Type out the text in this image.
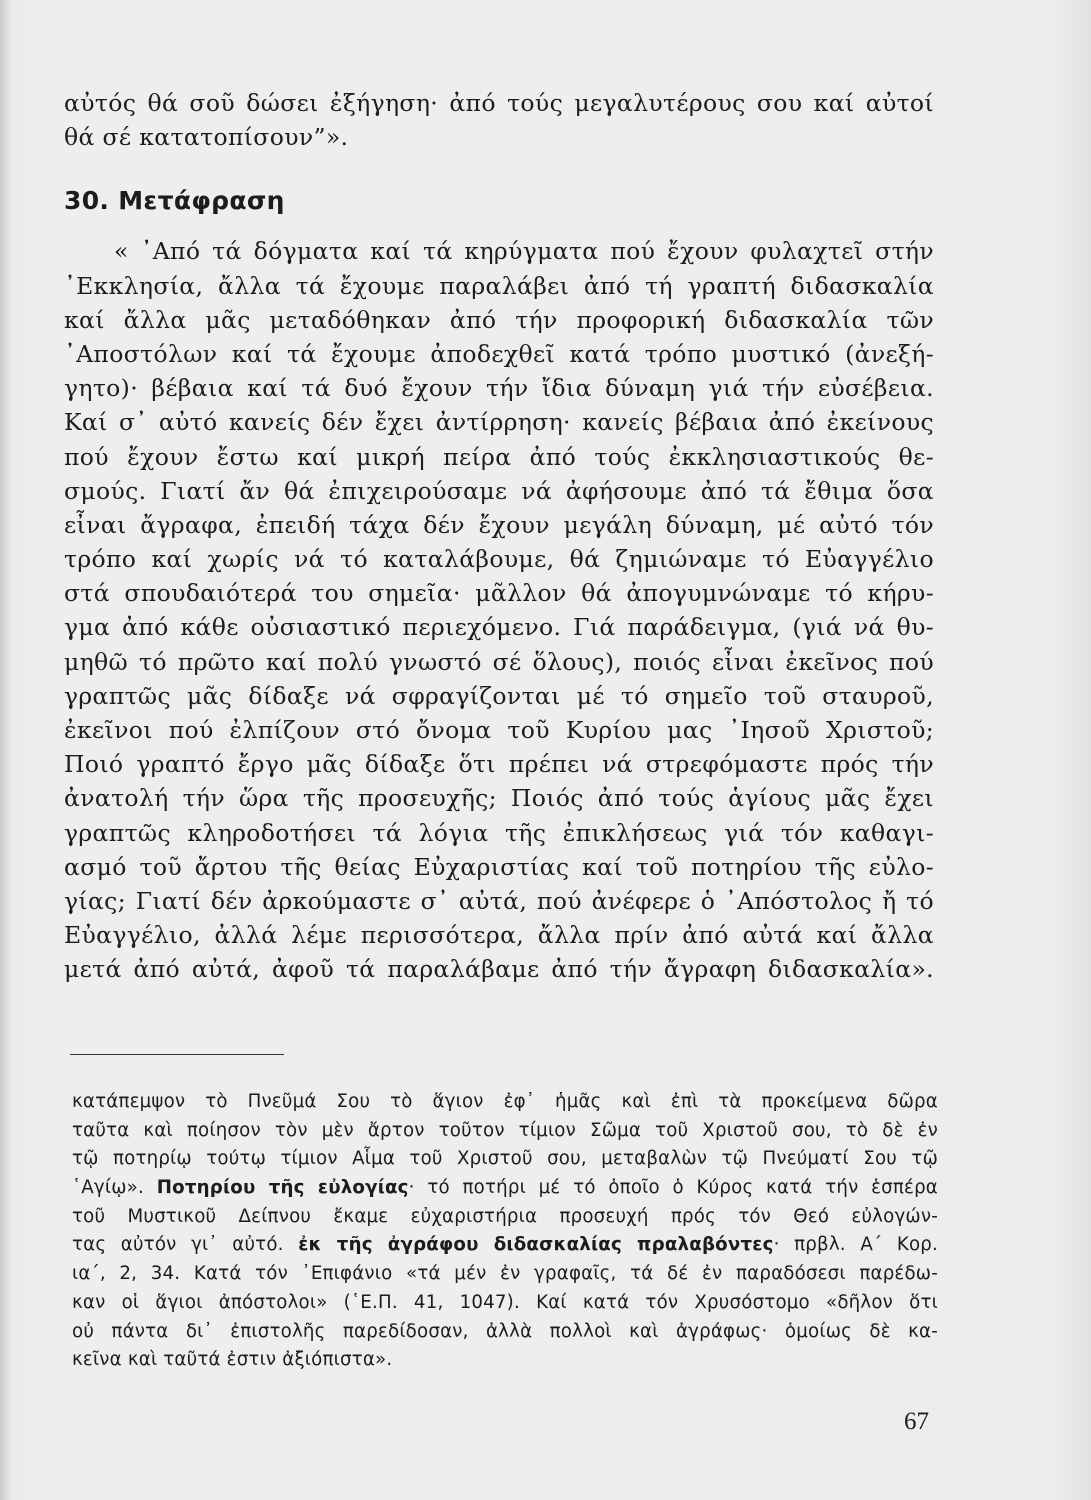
αὐτός θά σοῦ δώσει ἐξήγηση· ἀπό τούς μεγαλυτέρους σου καί αὐτοί
θά σέ κατατοπίσουν”».
30. Μετάφραση
« ᾿Από τά δόγματα καί τά κηρύγματα πού ἔχουν φυλαχτεῖ στήν
᾿Εκκλησία, ἄλλα τά ἔχουμε παραλάβει ἀπό τή γραπτή διδασκαλία
καί ἄλλα μᾶς μεταδόθηκαν ἀπό τήν προφορική διδασκαλία τῶν
᾿Αποστόλων καί τά ἔχουμε ἀποδεχθεῖ κατά τρόπο μυστικό (ἀνεξή-
γητο)· βέβαια καί τά δυό ἔχουν τήν ἴδια δύναμη γιά τήν εὐσέβεια.
Καί σ᾿ αὐτό κανείς δέν ἔχει ἀντίρρηση· κανείς βέβαια ἀπό ἐκείνους
πού ἔχουν ἔστω καί μικρή πείρα ἀπό τούς ἐκκλησιαστικούς θε-
σμούς. Γιατί ἄν θά ἐπιχειρούσαμε νά ἀφήσουμε ἀπό τά ἔθιμα ὅσα
εἶναι ἄγραφα, ἐπειδή τάχα δέν ἔχουν μεγάλη δύναμη, μέ αὐτό τόν
τρόπο καί χωρίς νά τό καταλάβουμε, θά ζημιώναμε τό Εὐαγγέλιο
στά σπουδαιότερά του σημεῖα· μᾶλλον θά ἀπογυμνώναμε τό κήρυ-
γμα ἀπό κάθε οὐσιαστικό περιεχόμενο. Γιά παράδειγμα, (γιά νά θυ-
μηθῶ τό πρῶτο καί πολύ γνωστό σέ ὅλους), ποιός εἶναι ἐκεῖνος πού
γραπτῶς μᾶς δίδαξε νά σφραγίζονται μέ τό σημεῖο τοῦ σταυροῦ,
ἐκεῖνοι πού ἐλπίζουν στό ὄνομα τοῦ Κυρίου μας ᾿Ιησοῦ Χριστοῦ;
Ποιό γραπτό ἔργο μᾶς δίδαξε ὅτι πρέπει νά στρεφόμαστε πρός τήν
ἀνατολή τήν ὥρα τῆς προσευχῆς; Ποιός ἀπό τούς ἁγίους μᾶς ἔχει
γραπτῶς κληροδοτήσει τά λόγια τῆς ἐπικλήσεως γιά τόν καθαγι-
ασμό τοῦ ἄρτου τῆς θείας Εὐχαριστίας καί τοῦ ποτηρίου τῆς εὐλο-
γίας; Γιατί δέν ἀρκούμαστε σ᾿ αὐτά, πού ἀνέφερε ὁ ᾿Απόστολος ἤ τό
Εὐαγγέλιο, ἀλλά λέμε περισσότερα, ἄλλα πρίν ἀπό αὐτά καί ἄλλα
μετά ἀπό αὐτά, ἀφοῦ τά παραλάβαμε ἀπό τήν ἄγραφη διδασκαλία».
κατάπεμψον τὸ Πνεῦμά Σου τὸ ἅγιον ἐφ᾿ ἡμᾶς καὶ ἐπὶ τὰ προκείμενα δῶρα
ταῦτα καὶ ποίησον τὸν μὲν ἄρτον τοῦτον τίμιον Σῶμα τοῦ Χριστοῦ σου, τὸ δὲ ἐν
τῷ ποτηρίῳ τούτῳ τίμιον Αἷμα τοῦ Χριστοῦ σου, μεταβαλὼν τῷ Πνεύματί Σου τῷ
῾Αγίῳ». Ποτηρίου τῆς εὐλογίας· τό ποτήρι μέ τό ὁποῖο ὁ Κύρος κατά τήν ἑσπέρα
τοῦ Μυστικοῦ Δείπνου ἔκαμε εὐχαριστήρια προσευχή πρός τόν Θεό εὐλογών-
τας αὐτόν γι᾿ αὐτό. ἐκ τῆς ἀγράφου διδασκαλίας πραλαβόντες· πρβλ. Α´ Κορ.
ια´, 2, 34. Κατά τόν ᾿Επιφάνιο «τά μέν ἐν γραφαῖς, τά δέ ἐν παραδόσεσι παρέδω-
καν οἱ ἅγιοι ἀπόστολοι» (῾Ε.Π. 41, 1047). Καί κατά τόν Χρυσόστομο «δῆλον ὅτι
οὐ πάντα δι᾿ ἐπιστολῆς παρεδίδοσαν, ἀλλὰ πολλοὶ καὶ ἀγράφως· ὁμοίως δὲ κα-
κεῖνα καὶ ταῦτά ἐστιν ἀξιόπιστα».
67
